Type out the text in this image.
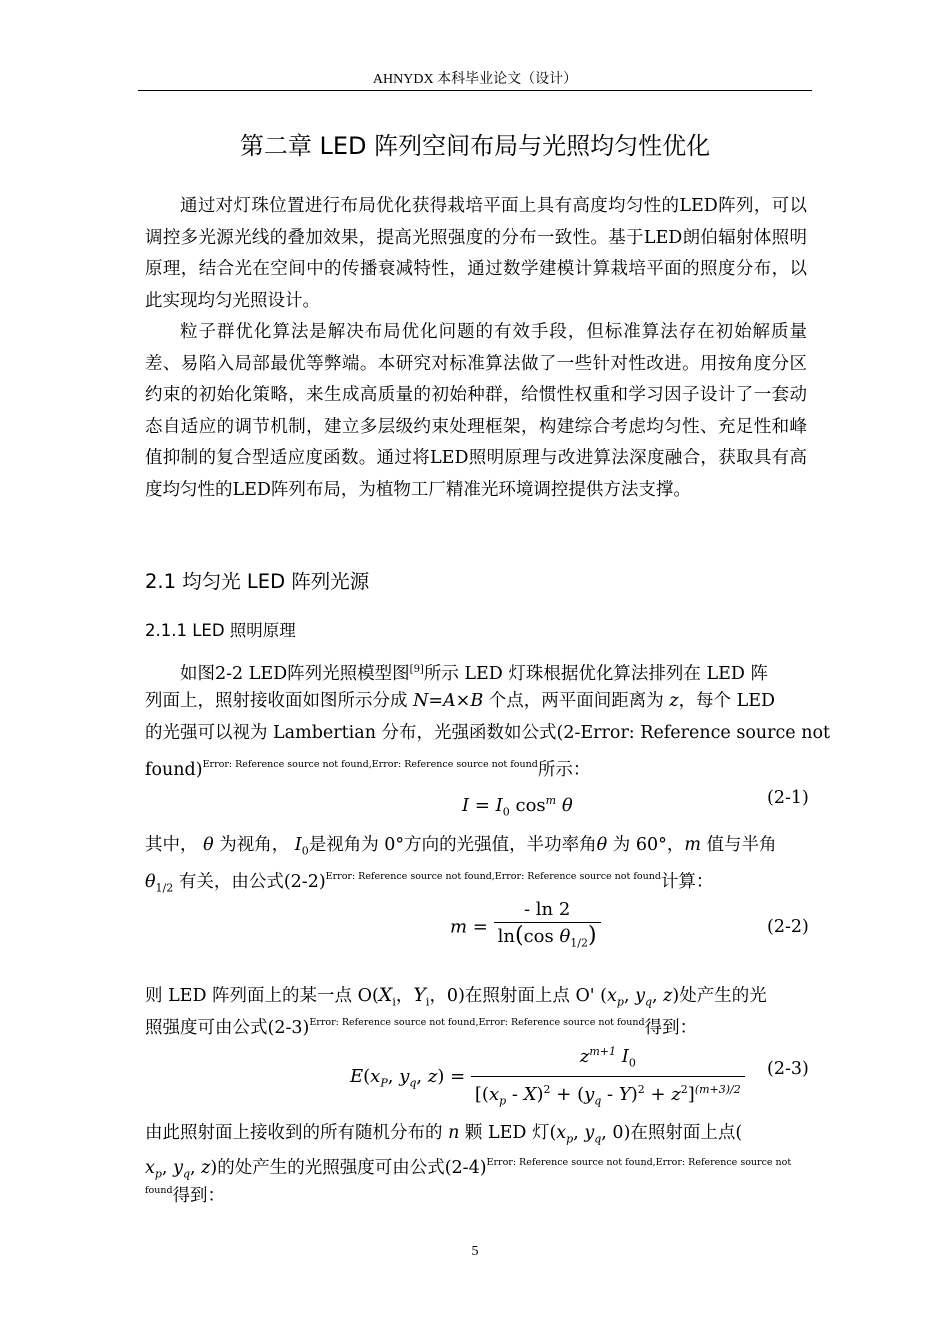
AHNYDX 本科毕业论文（设计）
第二章 LED 阵列空间布局与光照均匀性优化
通过对灯珠位置进行布局优化获得栽培平面上具有高度均匀性的LED阵列，可以调控多光源光线的叠加效果，提高光照强度的分布一致性。基于LED朗伯辐射体照明原理，结合光在空间中的传播衰减特性，通过数学建模计算栽培平面的照度分布，以此实现均匀光照设计。
粒子群优化算法是解决布局优化问题的有效手段，但标准算法存在初始解质量差、易陷入局部最优等弊端。本研究对标准算法做了一些针对性改进。用按角度分区约束的初始化策略，来生成高质量的初始种群，给惯性权重和学习因子设计了一套动态自适应的调节机制，建立多层级约束处理框架，构建综合考虑均匀性、充足性和峰值抑制的复合型适应度函数。通过将LED照明原理与改进算法深度融合，获取具有高度均匀性的LED阵列布局，为植物工厂精准光环境调控提供方法支撑。
2.1 均匀光 LED 阵列光源
2.1.1 LED 照明原理
如图2-2 LED阵列光照模型图[9]所示 LED 灯珠根据优化算法排列在 LED 阵
列面上，照射接收面如图所示分成 N=A×B 个点，两平面间距离为 z，每个 LED
的光强可以视为 Lambertian 分布，光强函数如公式(2-Error: Reference source not
found)$^{Error: Reference source not found,Error: Reference source not found}$所示：
$I = I_0$ $\cos^m \theta$	(2-1)
其中， θ 为视角， $I_0$是视角为 0°方向的光强值，半功率角θ 为 60°，m 值与半角
$\theta_{1/2}$ 有关，由公式$(2-2)^{Error: Reference source not found,Error: Reference source not found}$计算：
$m = \frac{- \ln 2}{\ln(\cos \theta_{1/2})}$	(2-2)
则 LED 阵列面上的某一点 $O(X_i$，$Y_i$，0)在照射面上点 O' ($x_p$, $y_q$, z)处产生的光
照强度可由公式$(2-3)^{Error: Reference source not found,Error: Reference source not found}$得到：
$E(x_P$, $y_q$, $z) = \frac{z^{m+1} I_0}{[(x_p - X)^2 + (y_q - Y)^2 + z^2]^{(m+3)/2}} (2-3)$
由此照射面上接收到的所有随机分布的 n 颗 LED 灯($x_p$, $y_q$, 0)在照射面上点(
$x_p$, $y_q$, z)的处产生的光照强度可由公式$(2-4)^{Error: Reference source not found,Error: Reference source not}$
$^{found}$得到：
5
